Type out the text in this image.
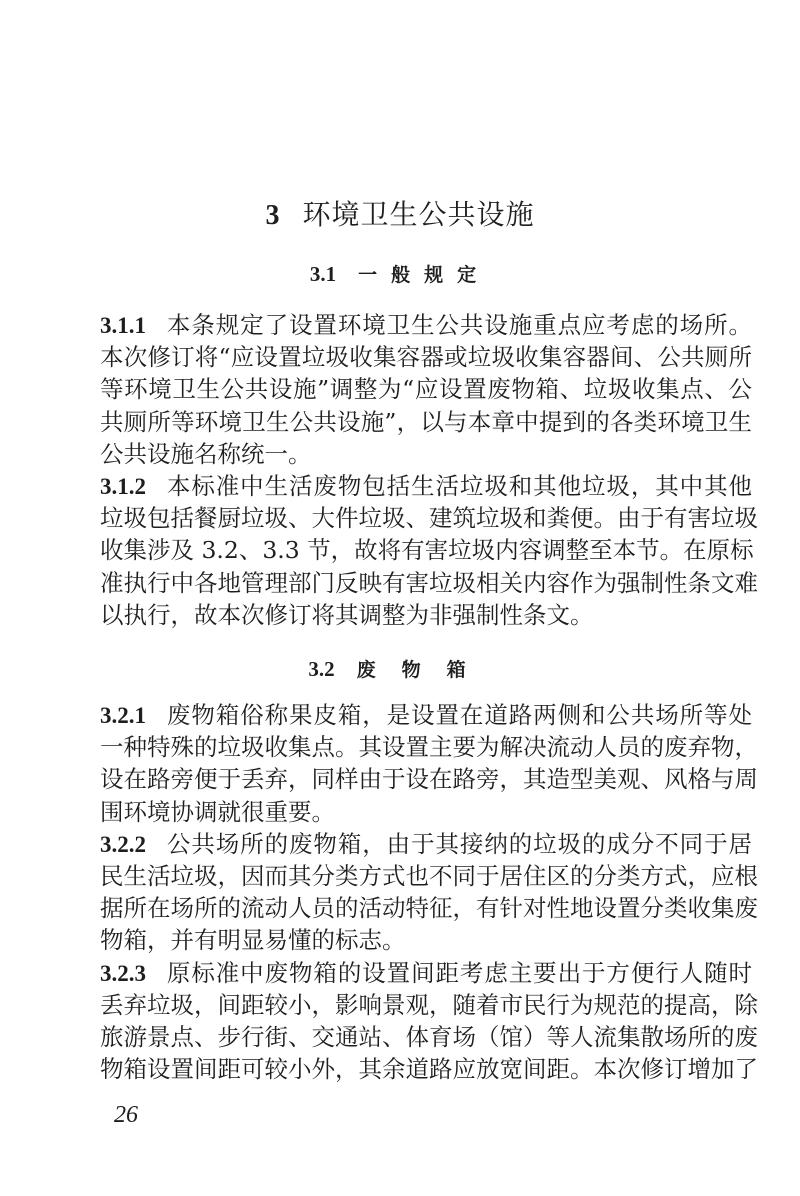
3 环境卫生公共设施
3.1 一般规定
3.1.1 本条规定了设置环境卫生公共设施重点应考虑的场所。
本次修订将“应设置垃圾收集容器或垃圾收集容器间、公共厕所
等环境卫生公共设施”调整为“应设置废物箱、垃圾收集点、公
共厕所等环境卫生公共设施”，以与本章中提到的各类环境卫生
公共设施名称统一。
3.1.2 本标准中生活废物包括生活垃圾和其他垃圾，其中其他
垃圾包括餐厨垃圾、大件垃圾、建筑垃圾和粪便。由于有害垃圾
收集涉及 3.2、3.3 节，故将有害垃圾内容调整至本节。在原标
准执行中各地管理部门反映有害垃圾相关内容作为强制性条文难
以执行，故本次修订将其调整为非强制性条文。
3.2 废物箱
3.2.1 废物箱俗称果皮箱，是设置在道路两侧和公共场所等处
一种特殊的垃圾收集点。其设置主要为解决流动人员的废弃物，
设在路旁便于丢弃，同样由于设在路旁，其造型美观、风格与周
围环境协调就很重要。
3.2.2 公共场所的废物箱，由于其接纳的垃圾的成分不同于居
民生活垃圾，因而其分类方式也不同于居住区的分类方式，应根
据所在场所的流动人员的活动特征，有针对性地设置分类收集废
物箱，并有明显易懂的标志。
3.2.3 原标准中废物箱的设置间距考虑主要出于方便行人随时
丢弃垃圾，间距较小，影响景观，随着市民行为规范的提高，除
旅游景点、步行街、交通站、体育场（馆）等人流集散场所的废
物箱设置间距可较小外，其余道路应放宽间距。本次修订增加了
26
